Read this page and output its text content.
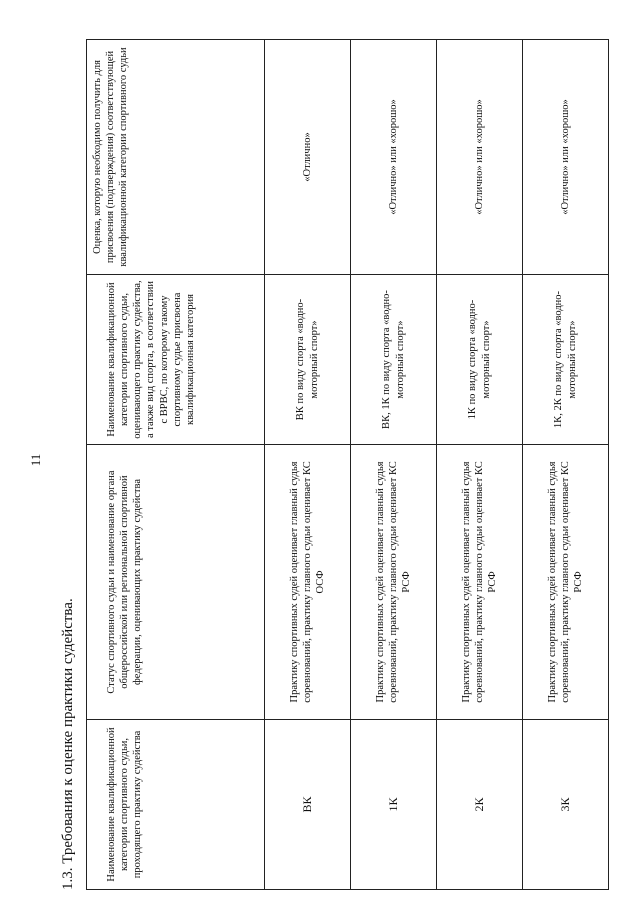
11
1.3. Требования к оценке практики судейства.	Наименование квалификационной категории спортивного судьи, проходящего практику судейства	Статус спортивного судьи и наименование органа общероссийской или региональной спортивной федерации, оценивающих практику судейства	Наименование квалификационной категории спортивного судьи, оценивающего практику судейства, а также вид спорта, в соответствии с ВРВС, по которому такому спортивному судье присвоена квалификационная категория	Оценка, которую необходимо получить для присвоения (подтверждения) соответствующей квалификационной категории спортивного судьи
ВК	Практику спортивных судей оценивает главный судья соревнований, практику главного судьи оценивает КС ОСФ	ВК по виду спорта «водно-моторный спорт»	«Отлично»
1К	Практику спортивных судей оценивает главный судья соревнований, практику главного судьи оценивает КС РСФ	ВК, 1К по виду спорта «водно-моторный спорт»	«Отлично» или «хорошо»
2К	Практику спортивных судей оценивает главный судья соревнований, практику главного судьи оценивает КС РСФ	1К по виду спорта «водно-моторный спорт»	«Отлично» или «хорошо»
3К	Практику спортивных судей оценивает главный судья соревнований, практику главного судьи оценивает КС РСФ	1К, 2К по виду спорта «водно-моторный спорт»	«Отлично» или «хорошо»
